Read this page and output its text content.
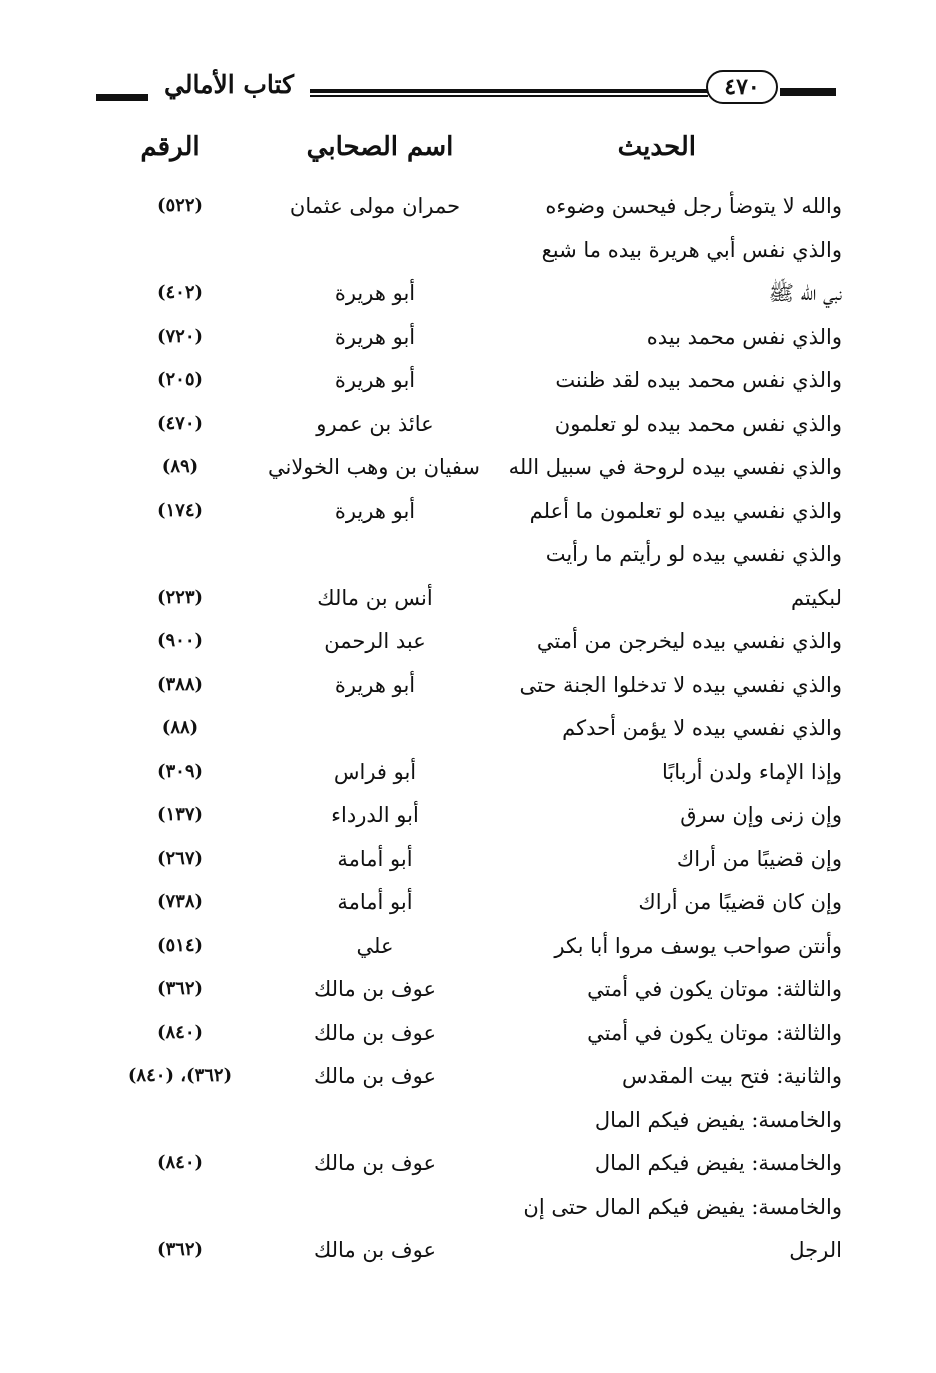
كتاب الأمالي	٤٧٠
الحديث
اسم الصحابي
الرقم
والله لا يتوضأ رجل فيحسن وضوءه
حمران مولى عثمان
(٥٢٢)
والذي نفس أبي هريرة بيده ما شبع
نبي الله ﷺ
أبو هريرة
(٤٠٢)
والذي نفس محمد بيده
أبو هريرة
(٧٢٠)
والذي نفس محمد بيده لقد ظننت
أبو هريرة
(٢٠٥)
والذي نفس محمد بيده لو تعلمون
عائذ بن عمرو
(٤٧٠)
والذي نفسي بيده لروحة في سبيل الله
سفيان بن وهب الخولاني
(٨٩)
والذي نفسي بيده لو تعلمون ما أعلم
أبو هريرة
(١٧٤)
والذي نفسي بيده لو رأيتم ما رأيت
لبكيتم
أنس بن مالك
(٢٢٣)
والذي نفسي بيده ليخرجن من أمتي
عبد الرحمن
(٩٠٠)
والذي نفسي بيده لا تدخلوا الجنة حتى
أبو هريرة
(٣٨٨)
والذي نفسي بيده لا يؤمن أحدكم
(٨٨)
وإذا الإماء ولدن أربابًا
أبو فراس
(٣٠٩)
وإن زنى وإن سرق
أبو الدرداء
(١٣٧)
وإن قضيبًا من أراك
أبو أمامة
(٢٦٧)
وإن كان قضيبًا من أراك
أبو أمامة
(٧٣٨)
وأنتن صواحب يوسف مروا أبا بكر
علي
(٥١٤)
والثالثة: موتان يكون في أمتي
عوف بن مالك
(٣٦٢)
والثالثة: موتان يكون في أمتي
عوف بن مالك
(٨٤٠)
والثانية: فتح بيت المقدس
عوف بن مالك
(٣٦٢)، (٨٤٠)
والخامسة: يفيض فيكم المال
والخامسة: يفيض فيكم المال
عوف بن مالك
(٨٤٠)
والخامسة: يفيض فيكم المال حتى إن
الرجل
عوف بن مالك
(٣٦٢)
